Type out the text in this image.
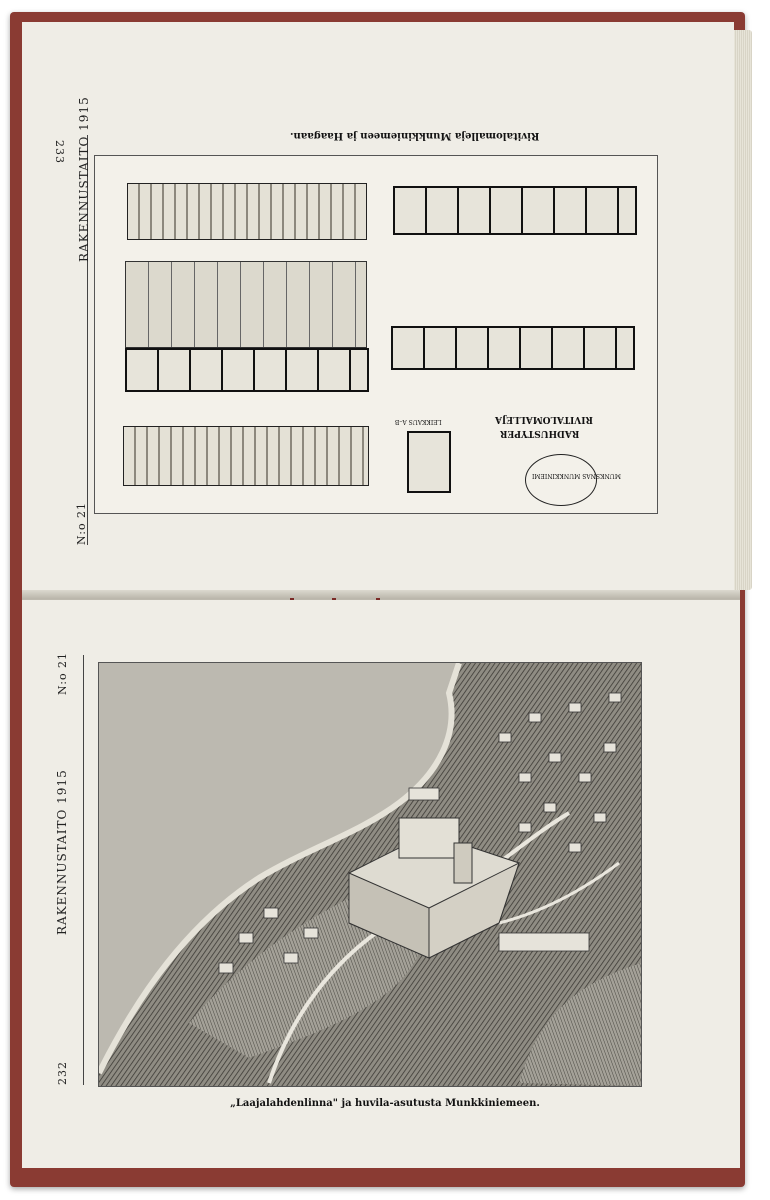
233 RAKENNUSTAITO 1915
N:o 21
Rivitalomalleja Munkkiniemeen ja Haagaan.
LEIKKAUS A–B
RADHUSTYPER
RIVITALOMALLEJA
MUNKSNÄS MUNKKINIEMI
N:o 21
RAKENNUSTAITO 1915
232
„Laajalahdenlinna" ja huvila-asutusta Munkkiniemeen.
